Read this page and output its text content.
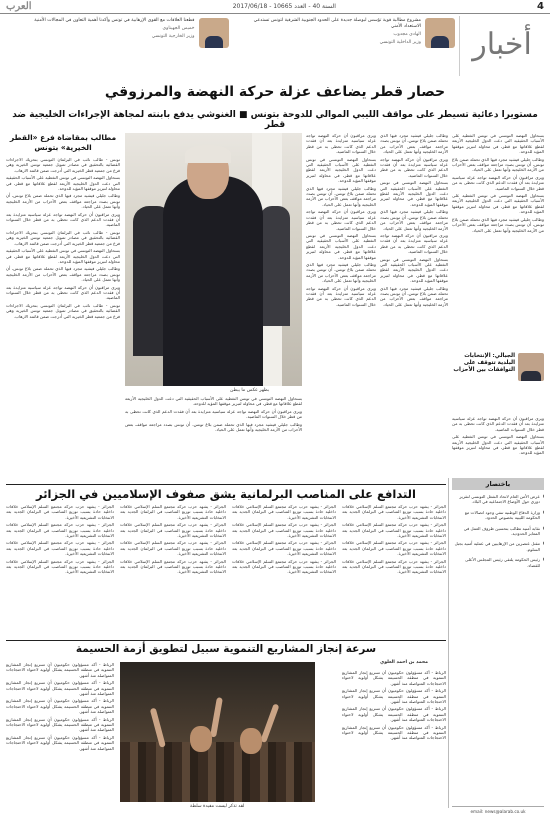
4
السنة 40 - العدد 10665 - 2017/06/18
العرب
أخبار
مشروع مطالبة قوية تؤسس لبوصلة جديدة على الحدود الجنوبية الشرقية لتونس تستدعي الاستعداد الأمني
الهادي مجدوب
وزير الداخلية التونسي
قطعنا العلاقات مع القوى الإرهابية في تونس وأكدنا أهمية التعاون في المجالات الأمنية
خميس الجهيناوي
وزير الخارجية التونسي
حصار قطر يضاعف عزلة حركة النهضة والمرزوقي
مستويرا دعائية تسيطر على مواقف الليبي الموالي للدوحة بتونس ■ الغنوشي يدفع بابنته لمجاهة الإجراءات الخليجية ضد قطر

بسحاول النهضة التونسي في تونس التغطية على الأسباب الحقيقية التي دعت الدول الخليجية الأربعة لقطع علاقاتها مع قطر، في محاولة لتبرير موقفها المؤيد للدوحة.

وطالب جليلي فيشيد مجرد فيها الذي تحمله ضمن بلاغ تونس، أن تونس بصدد مراجعة مواقف بعض الأحزاب من الأزمة الخليجية وأنها تعمل على الحياد.

ويرى مراقبون أن حركة النهضة تواجه عزلة سياسية متزايدة بعد أن فقدت الدعم الذي كانت تحظى به من قطر خلال السنوات الماضية.

بسحاول النهضة التونسي في تونس التغطية على الأسباب الحقيقية التي دعت الدول الخليجية الأربعة لقطع علاقاتها مع قطر، في محاولة لتبرير موقفها المؤيد للدوحة.

وطالب جليلي فيشيد مجرد فيها الذي تحمله ضمن بلاغ تونس، أن تونس بصدد مراجعة مواقف بعض الأحزاب من الأزمة الخليجية وأنها تعمل على الحياد.

وطالب جليلي فيشيد مجرد فيها الذي تحمله ضمن بلاغ تونس، أن تونس بصدد مراجعة مواقف بعض الأحزاب من الأزمة الخليجية وأنها تعمل على الحياد.

ويرى مراقبون أن حركة النهضة تواجه عزلة سياسية متزايدة بعد أن فقدت الدعم الذي كانت تحظى به من قطر خلال السنوات الماضية.

بسحاول النهضة التونسي في تونس التغطية على الأسباب الحقيقية التي دعت الدول الخليجية الأربعة لقطع علاقاتها مع قطر، في محاولة لتبرير موقفها المؤيد للدوحة.

وطالب جليلي فيشيد مجرد فيها الذي تحمله ضمن بلاغ تونس، أن تونس بصدد مراجعة مواقف بعض الأحزاب من الأزمة الخليجية وأنها تعمل على الحياد.

ويرى مراقبون أن حركة النهضة تواجه عزلة سياسية متزايدة بعد أن فقدت الدعم الذي كانت تحظى به من قطر خلال السنوات الماضية.

بسحاول النهضة التونسي في تونس التغطية على الأسباب الحقيقية التي دعت الدول الخليجية الأربعة لقطع علاقاتها مع قطر، في محاولة لتبرير موقفها المؤيد للدوحة.

وطالب جليلي فيشيد مجرد فيها الذي تحمله ضمن بلاغ تونس، أن تونس بصدد مراجعة مواقف بعض الأحزاب من الأزمة الخليجية وأنها تعمل على الحياد.

ويرى مراقبون أن حركة النهضة تواجه عزلة سياسية متزايدة بعد أن فقدت الدعم الذي كانت تحظى به من قطر خلال السنوات الماضية.

بسحاول النهضة التونسي في تونس التغطية على الأسباب الحقيقية التي دعت الدول الخليجية الأربعة لقطع علاقاتها مع قطر، في محاولة لتبرير موقفها المؤيد للدوحة.

وطالب جليلي فيشيد مجرد فيها الذي تحمله ضمن بلاغ تونس، أن تونس بصدد مراجعة مواقف بعض الأحزاب من الأزمة الخليجية وأنها تعمل على الحياد.

ويرى مراقبون أن حركة النهضة تواجه عزلة سياسية متزايدة بعد أن فقدت الدعم الذي كانت تحظى به من قطر خلال السنوات الماضية.

بسحاول النهضة التونسي في تونس التغطية على الأسباب الحقيقية التي دعت الدول الخليجية الأربعة لقطع علاقاتها مع قطر، في محاولة لتبرير موقفها المؤيد للدوحة.

وطالب جليلي فيشيد مجرد فيها الذي تحمله ضمن بلاغ تونس، أن تونس بصدد مراجعة مواقف بعض الأحزاب من الأزمة الخليجية وأنها تعمل على الحياد.

ويرى مراقبون أن حركة النهضة تواجه عزلة سياسية متزايدة بعد أن فقدت الدعم الذي كانت تحظى به من قطر خلال السنوات الماضية.

بظهر عكس ما يبطن

بسحاول النهضة التونسي في تونس التغطية على الأسباب الحقيقية التي دعت الدول الخليجية الأربعة لقطع علاقاتها مع قطر، في محاولة لتبرير موقفها المؤيد للدوحة.

ويرى مراقبون أن حركة النهضة تواجه عزلة سياسية متزايدة بعد أن فقدت الدعم الذي كانت تحظى به من قطر خلال السنوات الماضية.

وطالب جليلي فيشيد مجرد فيها الذي تحمله ضمن بلاغ تونس، أن تونس بصدد مراجعة مواقف بعض الأحزاب من الأزمة الخليجية وأنها تعمل على الحياد.

مطالب بمقاضاة فرع «القطر الخيرية» بتونس

تونس - طالب نائب في البرلمان التونسي بتحريك الاجراءات القضائية بالتحقيق في مصادر تمويل جمعية تونس الخيرية وهي فرع من جمعية قطر الخيرية التي أدرجت ضمن قائمة الارهاب.

بسحاول النهضة التونسي في تونس التغطية على الأسباب الحقيقية التي دعت الدول الخليجية الأربعة لقطع علاقاتها مع قطر، في محاولة لتبرير موقفها المؤيد للدوحة.

وطالب جليلي فيشيد مجرد فيها الذي تحمله ضمن بلاغ تونس، أن تونس بصدد مراجعة مواقف بعض الأحزاب من الأزمة الخليجية وأنها تعمل على الحياد.

ويرى مراقبون أن حركة النهضة تواجه عزلة سياسية متزايدة بعد أن فقدت الدعم الذي كانت تحظى به من قطر خلال السنوات الماضية.

تونس - طالب نائب في البرلمان التونسي بتحريك الاجراءات القضائية بالتحقيق في مصادر تمويل جمعية تونس الخيرية وهي فرع من جمعية قطر الخيرية التي أدرجت ضمن قائمة الارهاب.

بسحاول النهضة التونسي في تونس التغطية على الأسباب الحقيقية التي دعت الدول الخليجية الأربعة لقطع علاقاتها مع قطر، في محاولة لتبرير موقفها المؤيد للدوحة.

وطالب جليلي فيشيد مجرد فيها الذي تحمله ضمن بلاغ تونس، أن تونس بصدد مراجعة مواقف بعض الأحزاب من الأزمة الخليجية وأنها تعمل على الحياد.

ويرى مراقبون أن حركة النهضة تواجه عزلة سياسية متزايدة بعد أن فقدت الدعم الذي كانت تحظى به من قطر خلال السنوات الماضية.

تونس - طالب نائب في البرلمان التونسي بتحريك الاجراءات القضائية بالتحقيق في مصادر تمويل جمعية تونس الخيرية وهي فرع من جمعية قطر الخيرية التي أدرجت ضمن قائمة الارهاب.

الجبالي: الإنتخابات البلدية تتوقف على التوافقات بين الأحزاب

ويرى مراقبون أن حركة النهضة تواجه عزلة سياسية متزايدة بعد أن فقدت الدعم الذي كانت تحظى به من قطر خلال السنوات الماضية.

بسحاول النهضة التونسي في تونس التغطية على الأسباب الحقيقية التي دعت الدول الخليجية الأربعة لقطع علاقاتها مع قطر، في محاولة لتبرير موقفها المؤيد للدوحة.

باختصار

■ عرض الأمن العام لاتحاد الشغل التونسي لتقرير دوري حول الأوضاع الاجتماعية في البلاد.

■ وزارة الدفاع الوطنية تنفي وجود اتصالات مع الحكومة الليبية بخصوص الحدود.

■ نقابة أمنية تطالب بتحسين ظروف العمل في المعابر الحدودية.

■ مقتل عنصرين من الإرهابيين في عملية أمنية بجبل السلوم.

■ رئيس الحكومة يلتقي رئيس المجلس الأعلى للقضاء.

email: news@alarab.co.uk
التدافع على المناصب البرلمانية يشق صفوف الإسلاميين في الجزائر

الجزائر - يشهد حزب حركة مجتمع السلم الإسلامي خلافات داخلية حادة بسبب توزيع المناصب في البرلمان الجديد بعد الانتخابات التشريعية الأخيرة.

الجزائر - يشهد حزب حركة مجتمع السلم الإسلامي خلافات داخلية حادة بسبب توزيع المناصب في البرلمان الجديد بعد الانتخابات التشريعية الأخيرة.

الجزائر - يشهد حزب حركة مجتمع السلم الإسلامي خلافات داخلية حادة بسبب توزيع المناصب في البرلمان الجديد بعد الانتخابات التشريعية الأخيرة.

الجزائر - يشهد حزب حركة مجتمع السلم الإسلامي خلافات داخلية حادة بسبب توزيع المناصب في البرلمان الجديد بعد الانتخابات التشريعية الأخيرة.

الجزائر - يشهد حزب حركة مجتمع السلم الإسلامي خلافات داخلية حادة بسبب توزيع المناصب في البرلمان الجديد بعد الانتخابات التشريعية الأخيرة.

الجزائر - يشهد حزب حركة مجتمع السلم الإسلامي خلافات داخلية حادة بسبب توزيع المناصب في البرلمان الجديد بعد الانتخابات التشريعية الأخيرة.

الجزائر - يشهد حزب حركة مجتمع السلم الإسلامي خلافات داخلية حادة بسبب توزيع المناصب في البرلمان الجديد بعد الانتخابات التشريعية الأخيرة.

الجزائر - يشهد حزب حركة مجتمع السلم الإسلامي خلافات داخلية حادة بسبب توزيع المناصب في البرلمان الجديد بعد الانتخابات التشريعية الأخيرة.

الجزائر - يشهد حزب حركة مجتمع السلم الإسلامي خلافات داخلية حادة بسبب توزيع المناصب في البرلمان الجديد بعد الانتخابات التشريعية الأخيرة.

الجزائر - يشهد حزب حركة مجتمع السلم الإسلامي خلافات داخلية حادة بسبب توزيع المناصب في البرلمان الجديد بعد الانتخابات التشريعية الأخيرة.

الجزائر - يشهد حزب حركة مجتمع السلم الإسلامي خلافات داخلية حادة بسبب توزيع المناصب في البرلمان الجديد بعد الانتخابات التشريعية الأخيرة.

الجزائر - يشهد حزب حركة مجتمع السلم الإسلامي خلافات داخلية حادة بسبب توزيع المناصب في البرلمان الجديد بعد الانتخابات التشريعية الأخيرة.

الجزائر - يشهد حزب حركة مجتمع السلم الإسلامي خلافات داخلية حادة بسبب توزيع المناصب في البرلمان الجديد بعد الانتخابات التشريعية الأخيرة.

الجزائر - يشهد حزب حركة مجتمع السلم الإسلامي خلافات داخلية حادة بسبب توزيع المناصب في البرلمان الجديد بعد الانتخابات التشريعية الأخيرة.

الجزائر - يشهد حزب حركة مجتمع السلم الإسلامي خلافات داخلية حادة بسبب توزيع المناصب في البرلمان الجديد بعد الانتخابات التشريعية الأخيرة.

الجزائر - يشهد حزب حركة مجتمع السلم الإسلامي خلافات داخلية حادة بسبب توزيع المناصب في البرلمان الجديد بعد الانتخابات التشريعية الأخيرة.

سرعة إنجاز المشاريع التنموية سبيل لتطويق أزمة الحسيمة
محمد بن احمد العلوي

الرباط - أكد مسؤولون حكوميون أن تسريع إنجاز المشاريع التنموية في منطقة الحسيمة يشكل أولوية لاحتواء الاحتجاجات المتواصلة منذ أشهر.

الرباط - أكد مسؤولون حكوميون أن تسريع إنجاز المشاريع التنموية في منطقة الحسيمة يشكل أولوية لاحتواء الاحتجاجات المتواصلة منذ أشهر.

الرباط - أكد مسؤولون حكوميون أن تسريع إنجاز المشاريع التنموية في منطقة الحسيمة يشكل أولوية لاحتواء الاحتجاجات المتواصلة منذ أشهر.

الرباط - أكد مسؤولون حكوميون أن تسريع إنجاز المشاريع التنموية في منطقة الحسيمة يشكل أولوية لاحتواء الاحتجاجات المتواصلة منذ أشهر.

لقد تذكر ليست مفيدة سلطة

الرباط - أكد مسؤولون حكوميون أن تسريع إنجاز المشاريع التنموية في منطقة الحسيمة يشكل أولوية لاحتواء الاحتجاجات المتواصلة منذ أشهر.

الرباط - أكد مسؤولون حكوميون أن تسريع إنجاز المشاريع التنموية في منطقة الحسيمة يشكل أولوية لاحتواء الاحتجاجات المتواصلة منذ أشهر.

الرباط - أكد مسؤولون حكوميون أن تسريع إنجاز المشاريع التنموية في منطقة الحسيمة يشكل أولوية لاحتواء الاحتجاجات المتواصلة منذ أشهر.

الرباط - أكد مسؤولون حكوميون أن تسريع إنجاز المشاريع التنموية في منطقة الحسيمة يشكل أولوية لاحتواء الاحتجاجات المتواصلة منذ أشهر.

الرباط - أكد مسؤولون حكوميون أن تسريع إنجاز المشاريع التنموية في منطقة الحسيمة يشكل أولوية لاحتواء الاحتجاجات المتواصلة منذ أشهر.
